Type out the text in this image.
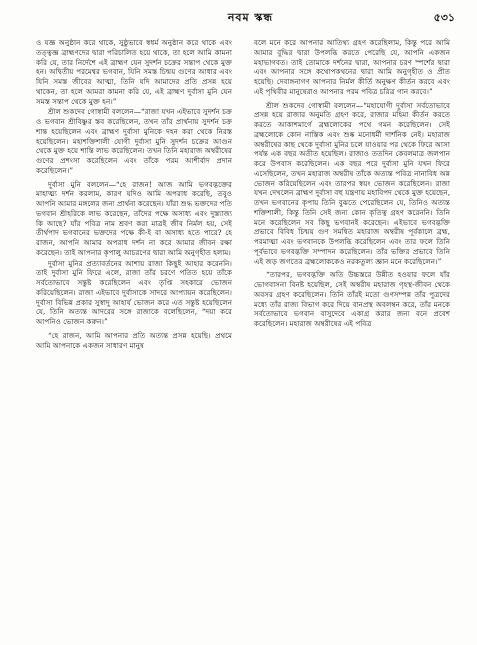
নবম স্কন্ধ	৫৩১

ও যজ্ঞ অনুষ্ঠান করে থাকে, সুষ্ঠুভাবে স্বধর্ম অনুষ্ঠান করে থাকে এবং তত্ত্বজ্ঞ ব্রাহ্মণদের দ্বারা পরিচালিত হয়ে থাকে, তা হলে আমি কামনা করি যে, তার নির্দেশে এই ব্রাহ্মণ যেন সুদর্শন চক্রের সন্তাপ থেকে মুক্ত হন। অদ্বিতীয় পরমেশ্বর ভগবান, যিনি সমস্ত চিন্ময় গুণের আধার এবং যিনি সমস্ত জীবের আত্মা, তিনি যদি আমাদের প্রতি প্রসন্ন হয়ে থাকেন, তা হলে আমরা কামনা করি যে, এই ব্রাহ্মণ দুর্বাসা মুনি যেন সমস্ত সন্তাপ থেকে মুক্ত হন।”

শ্রীল শুকদেব গোস্বামী বললেন—“রাজা যখন এইভাবে সুদর্শন চক্র ও ভগবান শ্রীবিষ্ণুর স্তব করেছিলেন, তখন তাঁর প্রার্থনায় সুদর্শন চক্র শান্ত হয়েছিলেন এবং ব্রাহ্মণ দুর্বাসা মুনিকে দহন করা থেকে নিরস্ত হয়েছিলেন। মহাশক্তিশালী যোগী দুর্বাসা মুনি সুদর্শন চক্রের আগুন থেকে মুক্ত হয়ে শান্তি লাভ করেছিলেন। তখন তিনি মহারাজ অম্বরীষের গুণের প্রশংসা করেছিলেন এবং তাঁকে পরম আশীর্বাদ প্রদান করেছিলেন।”

দুর্বাসা মুনি বললেন—“হে রাজন! আজ আমি ভগবদ্ভক্তের মাহাত্ম্য দর্শন করলাম, কারণ যদিও আমি অপরাধ করেছি, তবুও আপনি আমার মঙ্গলের জন্য প্রার্থনা করেছেন। যাঁরা শুদ্ধ ভক্তদের পতি ভগবান শ্রীহরিকে লাভ করেছেন, তাঁদের পক্ষে অসাধ্য এবং দুস্ত্যাজ্য কি আছে? যাঁর পবিত্র নাম শ্রবণ করা মাত্রই জীব নির্মল হয়, সেই তীর্থপাদ ভগবানের ভক্তদের পক্ষে কী-ই বা অসাধ্য হতে পারে? হে রাজন, আপনি আমার অপরাধ দর্শন না করে আমার জীবন রক্ষা করেছেন। তাই আপনার কৃপালু আচরণের দ্বারা আমি অনুগৃহীত হলাম।

দুর্বাসা মুনির প্রত্যাবর্তনের আশায় রাজা কিছুই আহার করেননি। তাই দুর্বাসা মুনি ফিরে এলে, রাজা তাঁর চরণে পতিত হয়ে তাঁকে সর্বতোভাবে সন্তুষ্ট করেছিলেন এবং তৃপ্তি সহকারে ভোজন করিয়েছিলেন। রাজা এইভাবে দুর্বাসাকে সাদরে আপ্যায়ন করেছিলেন। দুর্বাসা বিভিন্ন প্রকার সুস্বাদু আহার্য ভোজন করে এত সন্তুষ্ট হয়েছিলেন যে, তিনি অত্যন্ত আদরের সঙ্গে রাজাকে বলেছিলেন, “দয়া করে আপনিও ভোজন করুন।”

“হে রাজন, আমি আপনার প্রতি অত্যন্ত প্রসন্ন হয়েছি। প্রথমে আমি আপনাকে একজন সাধারণ মানুষ

বলে মনে করে আপনার আতিথ্য গ্রহণ করেছিলাম, কিন্তু পরে আমি আমার বুদ্ধির দ্বারা উপলব্ধি করতে পেরেছি যে, আপনি একজন মহাভাগবত। তাই তোমাকে দর্শনের দ্বারা, আপনার চরণ স্পর্শের দ্বারা এবং আপনার সঙ্গে কথোপকথনের দ্বারা আমি অনুগৃহীত ও প্রীত হয়েছি। দেবাঙ্গনাগণ আপনার নির্মল কীর্তি অনুক্ষণ কীর্তন করবে এবং এই পৃথিবীর মানুষেরাও আপনার পরম পবিত্র চরিত্র গান করবে।”

শ্রীল শুকদেব গোস্বামী বললেন—“মহাযোগী দুর্বাসা সর্বতোভাবে প্রসন্ন হয়ে রাজার অনুমতি গ্রহণ করে, রাজার মহিমা কীর্তন করতে করতে আকাশমার্গে ব্রহ্মলোকের পথে গমন করেছিলেন। সেই ব্রহ্মলোকে কোন নাস্তিক এবং শুষ্ক মনোধর্মী দার্শনিক নেই। মহারাজ অম্বরীষের কাছ থেকে দুর্বাসা মুনির চলে যাওয়ার পর থেকে ফিরে আসা পর্যন্ত এক বছর অতীত হয়েছিল। রাজাও ততদিন কেবলমাত্র জলপান করে উপবাস করেছিলেন। এক বছর পরে দুর্বাসা মুনি যখন ফিরে এসেছিলেন, তখন মহারাজ অম্বরীষ তাঁকে অত্যন্ত পবিত্র নানাবিধ অন্ন ভোজন করিয়েছিলেন এবং তারপর স্বয়ং ভোজন করেছিলেন। রাজা যখন দেখলেন ব্রাহ্মণ দুর্বাসা বহু যন্ত্রণায় মহাবিপদ থেকে মুক্ত হয়েছেন, তখন ভগবানের কৃপায় তিনি বুঝতে পেরেছিলেন যে, তিনিও অত্যন্ত শক্তিশালী, কিন্তু তিনি সেই জন্য কোন কৃতিত্ব গ্রহণ করেননি। তিনি মনে করেছিলেন সব কিছু ভগবানই করেছেন। এইভাবে ভগবদ্ভক্তি প্রভাবে বিবিধ চিন্ময় গুণ সমন্বিত মহারাজ অম্বরীষ পূর্বকালে ব্রহ্ম, পরমাত্মা এবং ভগবানকে উপলব্ধি করেছিলেন এবং তার ফলে তিনি পূর্বভাবে ভগবদ্ভক্তি সম্পাদন করেছিলেন। তাঁর ভক্তির প্রভাবে তিনি এই জড় জগতের ব্রহ্মলোককেও নরকতুল্য জ্ঞান মনে করেছিলেন।”

“তারপর, ভগবদ্ভক্তি অতি উচ্চস্তরে উন্নীত হওয়ার ফলে যাঁর ভোগবাসনা বিনষ্ট হয়েছিল, সেই অম্বরীষ মহারাজ গৃহস্থ-জীবন থেকে অবসর গ্রহণ করেছিলেন। তিনি তাঁরই মতো গুণসম্পন্ন তাঁর পুত্রদের মধ্যে তাঁর রাজ্য বিভাগ করে দিয়ে বানপ্রস্থ অবলম্বন করে, তাঁর মনকে সর্বতোভাবে ভগবান বাসুদেবে একাগ্র করার জন্য বনে প্রবেশ করেছিলেন। মহারাজ অম্বরীষের এই পবিত্র
